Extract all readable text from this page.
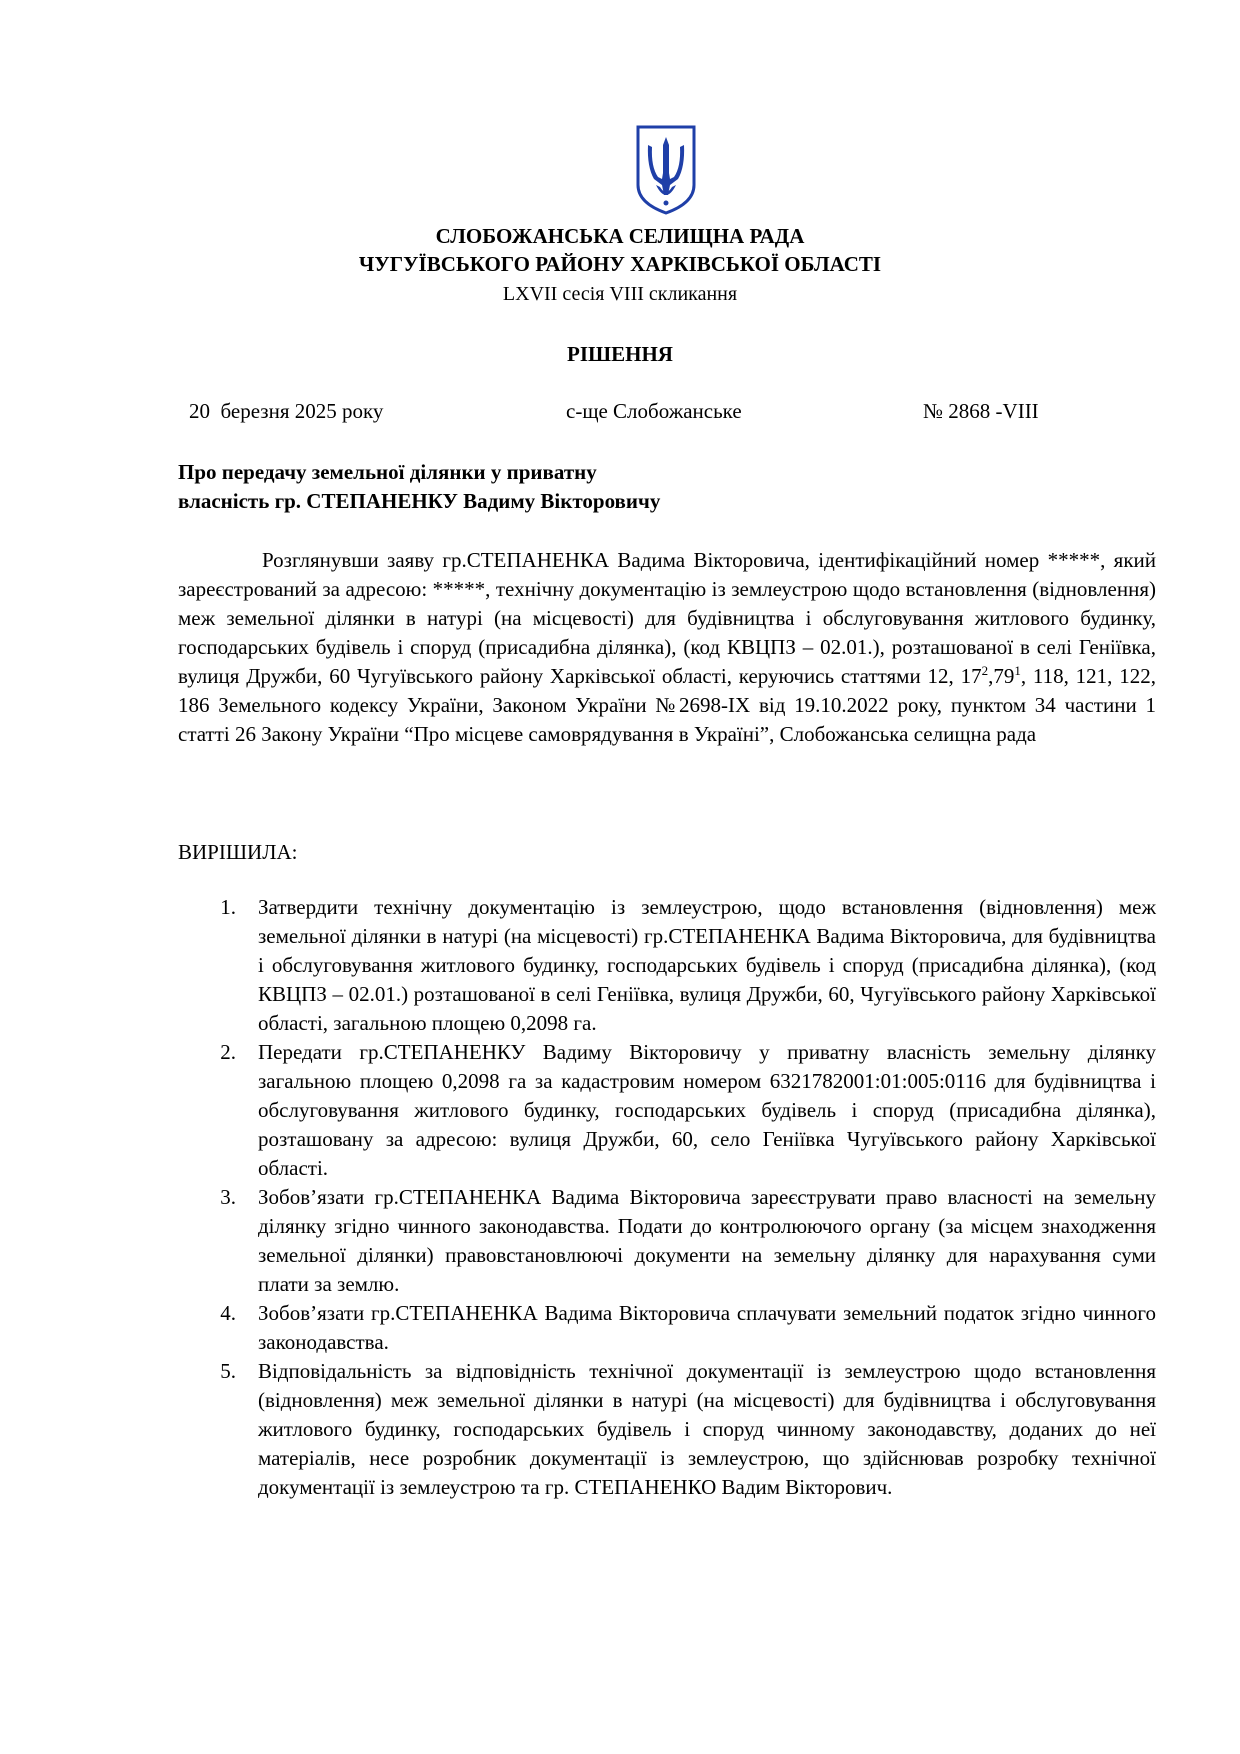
СЛОБОЖАНСЬКА СЕЛИЩНА РАДА
ЧУГУЇВСЬКОГО РАЙОНУ ХАРКІВСЬКОЇ ОБЛАСТІ
LXVII сесія VIII скликання
РІШЕННЯ
20  березня 2025 року	с-ще Слобожанське	№ 2868 -VIII
Про передачу земельної ділянки у приватну
власність гр. СТЕПАНЕНКУ Вадиму Вікторовичу

Розглянувши заяву гр.СТЕПАНЕНКА Вадима Вікторовича, ідентифікаційний номер *****, який зареєстрований за адресою: *****, технічну документацію із землеустрою щодо встановлення (відновлення) меж земельної ділянки в натурі (на місцевості) для будівництва і обслуговування житлового будинку, господарських будівель і споруд (присадибна ділянка), (код КВЦПЗ – 02.01.), розташованої в селі Геніївка, вулиця Дружби, 60 Чугуївського району Харківської області, керуючись статтями 12, $17^2,79^1$, 118, 121, 122, 186 Земельного кодексу України, Законом України №2698-IX від 19.10.2022 року, пунктом 34 частини 1 статті 26 Закону України “Про місцеве самоврядування в Україні”, Слобожанська селищна рада

ВИРІШИЛА:
1.	Затвердити технічну документацію із землеустрою, щодо встановлення (відновлення) меж земельної ділянки в натурі (на місцевості) гр.СТЕПАНЕНКА Вадима Вікторовича, для будівництва і обслуговування житлового будинку, господарських будівель і споруд (присадибна ділянка), (код КВЦПЗ – 02.01.) розташованої в селі Геніївка, вулиця Дружби, 60, Чугуївського району Харківської області, загальною площею 0,2098 га.
2.	Передати гр.СТЕПАНЕНКУ Вадиму Вікторовичу у приватну власність земельну ділянку загальною площею 0,2098 га за кадастровим номером 6321782001:01:005:0116 для будівництва і обслуговування житлового будинку, господарських будівель і споруд (присадибна ділянка), розташовану за адресою: вулиця Дружби, 60, село Геніївка Чугуївського району Харківської області.
3.	Зобов’язати гр.СТЕПАНЕНКА Вадима Вікторовича зареєструвати право власності на земельну ділянку згідно чинного законодавства. Подати до контролюючого органу (за місцем знаходження земельної ділянки) правовстановлюючі документи на земельну ділянку для нарахування суми плати за землю.
4.	Зобов’язати гр.СТЕПАНЕНКА Вадима Вікторовича сплачувати земельний податок згідно чинного законодавства.
5.	Відповідальність за відповідність технічної документації із землеустрою щодо встановлення (відновлення) меж земельної ділянки в натурі (на місцевості) для будівництва і обслуговування житлового будинку, господарських будівель і споруд чинному законодавству, доданих до неї матеріалів, несе розробник документації із землеустрою, що здійснював розробку технічної документації із землеустрою та гр. СТЕПАНЕНКО Вадим Вікторович.
